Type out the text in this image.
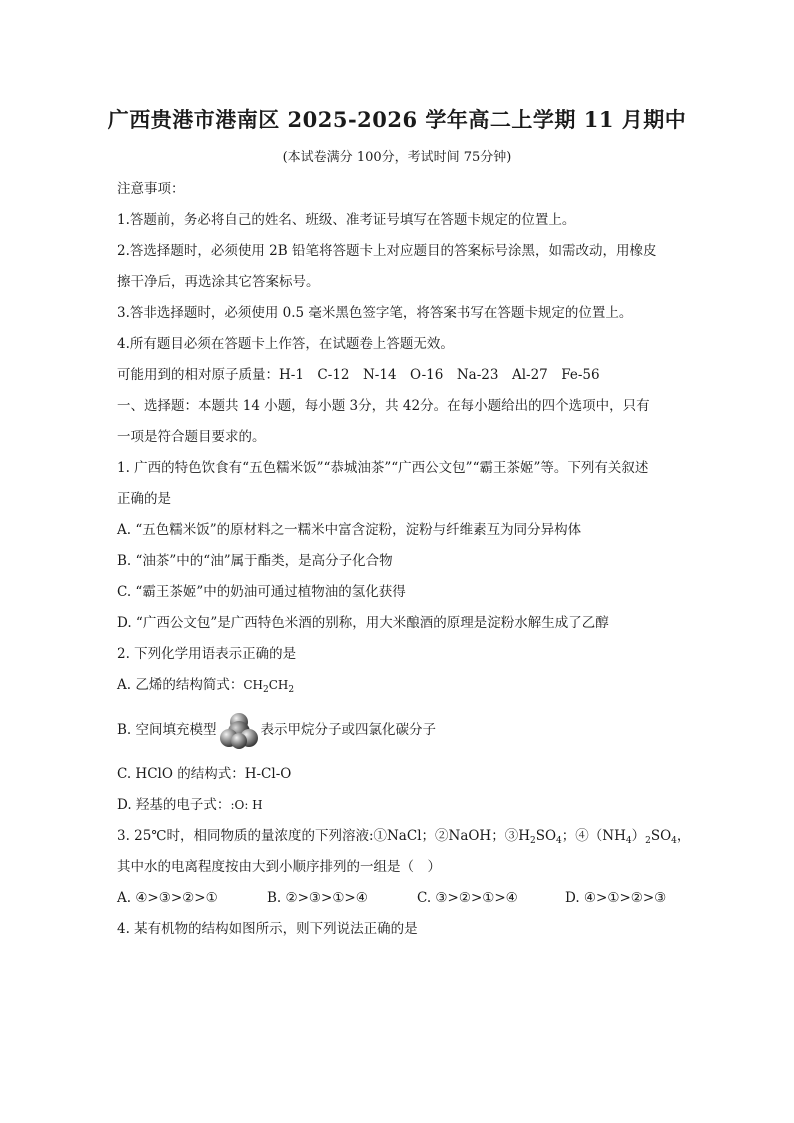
广西贵港市港南区 2025-2026 学年高二上学期 11 月期中
(本试卷满分 100分，考试时间 75分钟)
注意事项：
1.答题前，务必将自己的姓名、班级、准考证号填写在答题卡规定的位置上。
2.答选择题时，必须使用 2B 铅笔将答题卡上对应题目的答案标号涂黑，如需改动，用橡皮
擦干净后，再选涂其它答案标号。
3.答非选择题时，必须使用 0.5 毫米黑色签字笔，将答案书写在答题卡规定的位置上。
4.所有题目必须在答题卡上作答，在试题卷上答题无效。
可能用到的相对原子质量：H-1　C-12　N-14　O-16　Na-23　Al-27　Fe-56
一、选择题：本题共 14 小题，每小题 3分，共 42分。在每小题给出的四个选项中，只有
一项是符合题目要求的。
1. 广西的特色饮食有“五色糯米饭”“恭城油茶”“广西公文包”“霸王茶姬”等。下列有关叙述
正确的是
A. “五色糯米饭”的原材料之一糯米中富含淀粉，淀粉与纤维素互为同分异构体
B. “油茶”中的“油”属于酯类，是高分子化合物
C. “霸王茶姬”中的奶油可通过植物油的氢化获得
D. “广西公文包”是广西特色米酒的别称，用大米酿酒的原理是淀粉水解生成了乙醇
2. 下列化学用语表示正确的是
A. 乙烯的结构简式：$CH_2CH_2$
B. 空间填充模型	表示甲烷分子或四氯化碳分子
C. HClO 的结构式：H-Cl-O
D. 羟基的电子式：:O: H
3. 25℃时，相同物质的量浓度的下列溶液:①NaCl；②NaOH；$③H_2SO_4$；$④(NH_4)_2SO_4$，
其中水的电离程度按由大到小顺序排列的一组是（　）
A. ④>③>②>①	B. ②>③>①>④	C. ③>②>①>④	D. ④>①>②>③
4. 某有机物的结构如图所示，则下列说法正确的是
